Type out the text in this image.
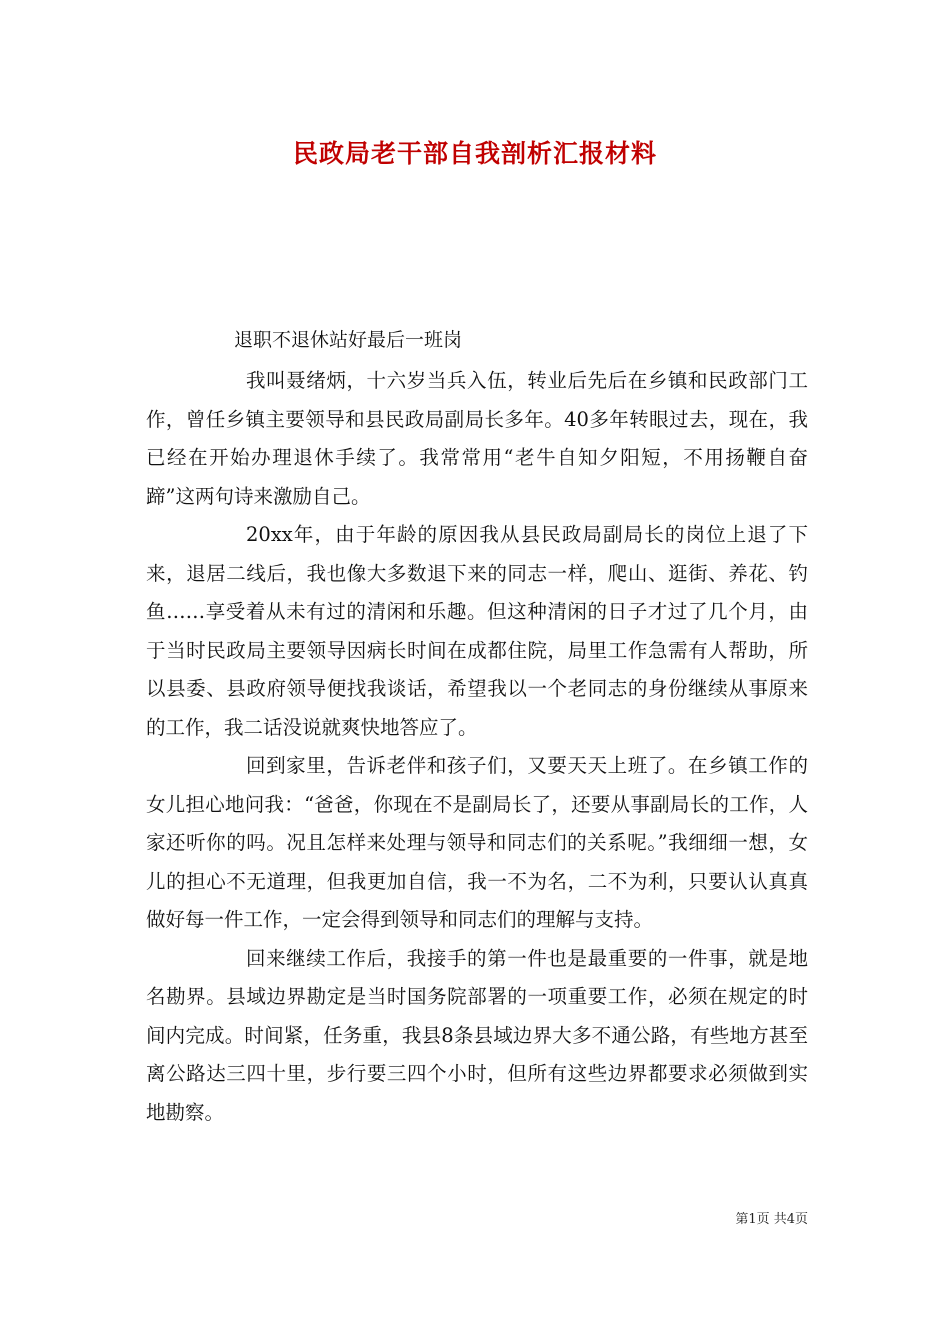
民政局老干部自我剖析汇报材料

退职不退休站好最后一班岗

我叫聂绪炳，十六岁当兵入伍，转业后先后在乡镇和民政部门工作，曾任乡镇主要领导和县民政局副局长多年。40多年转眼过去，现在，我已经在开始办理退休手续了。我常常用“老牛自知夕阳短，不用扬鞭自奋蹄”这两句诗来激励自己。

20xx年，由于年龄的原因我从县民政局副局长的岗位上退了下来，退居二线后，我也像大多数退下来的同志一样，爬山、逛街、养花、钓鱼……享受着从未有过的清闲和乐趣。但这种清闲的日子才过了几个月，由于当时民政局主要领导因病长时间在成都住院，局里工作急需有人帮助，所以县委、县政府领导便找我谈话，希望我以一个老同志的身份继续从事原来的工作，我二话没说就爽快地答应了。

回到家里，告诉老伴和孩子们，又要天天上班了。在乡镇工作的女儿担心地问我：“爸爸，你现在不是副局长了，还要从事副局长的工作，人家还听你的吗。况且怎样来处理与领导和同志们的关系呢。”我细细一想，女儿的担心不无道理，但我更加自信，我一不为名，二不为利，只要认认真真做好每一件工作，一定会得到领导和同志们的理解与支持。

回来继续工作后，我接手的第一件也是最重要的一件事，就是地名勘界。县域边界勘定是当时国务院部署的一项重要工作，必须在规定的时间内完成。时间紧，任务重，我县8条县域边界大多不通公路，有些地方甚至离公路达三四十里，步行要三四个小时，但所有这些边界都要求必须做到实地勘察。

第1页 共4页
